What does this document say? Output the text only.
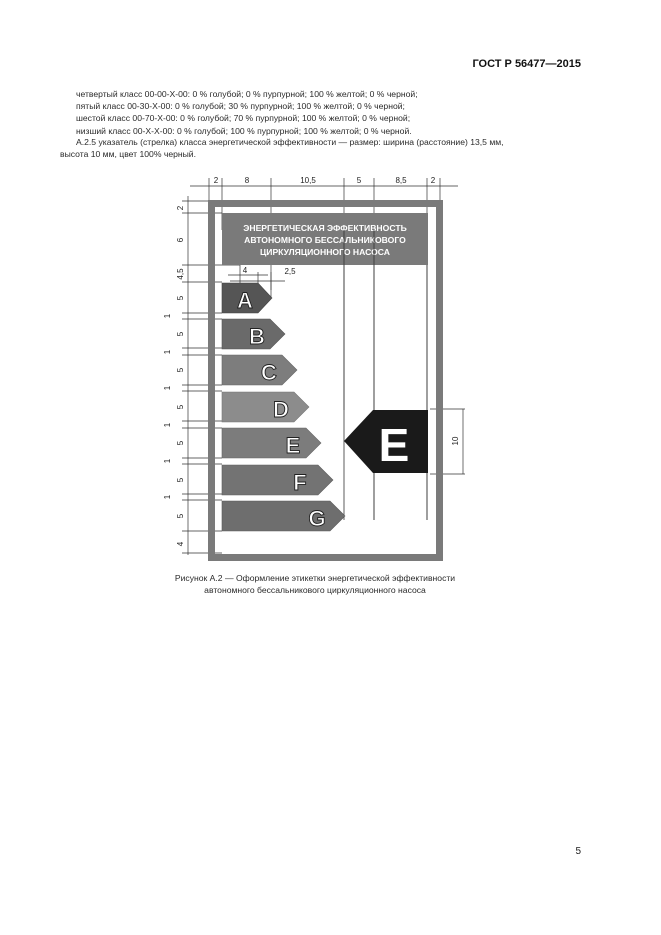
ГОСТ Р 56477—2015
четвертый класс 00-00-Х-00: 0 % голубой; 0 % пурпурной; 100 % желтой; 0 % черной;
пятый класс 00-30-Х-00: 0 % голубой; 30 % пурпурной; 100 % желтой; 0 % черной;
шестой класс 00-70-Х-00: 0 % голубой; 70 % пурпурной; 100 % желтой; 0 % черной;
низший класс 00-Х-Х-00: 0 % голубой; 100 % пурпурной; 100 % желтой; 0 % черной.
А.2.5 указатель (стрелка) класса энергетической эффективности — размер: ширина (расстояние) 13,5 мм,
высота 10 мм, цвет 100% черный.
ЭНЕРГЕТИЧЕСКАЯ ЭФФЕКТИВНОСТЬ
АВТОНОМНОГО БЕССАЛЬНИКОВОГО
ЦИРКУЛЯЦИОННОГО НАСОСА
A
B
C
D
E
F
G
E
2	8	10,5	5	8,5	2
2
6
4,5
5
1
5
1
5
1
5
1
5
1
5
1
5
4
4	2,5
10
Рисунок А.2 — Оформление этикетки энергетической эффективности
автономного бессальникового циркуляционного насоса
5
